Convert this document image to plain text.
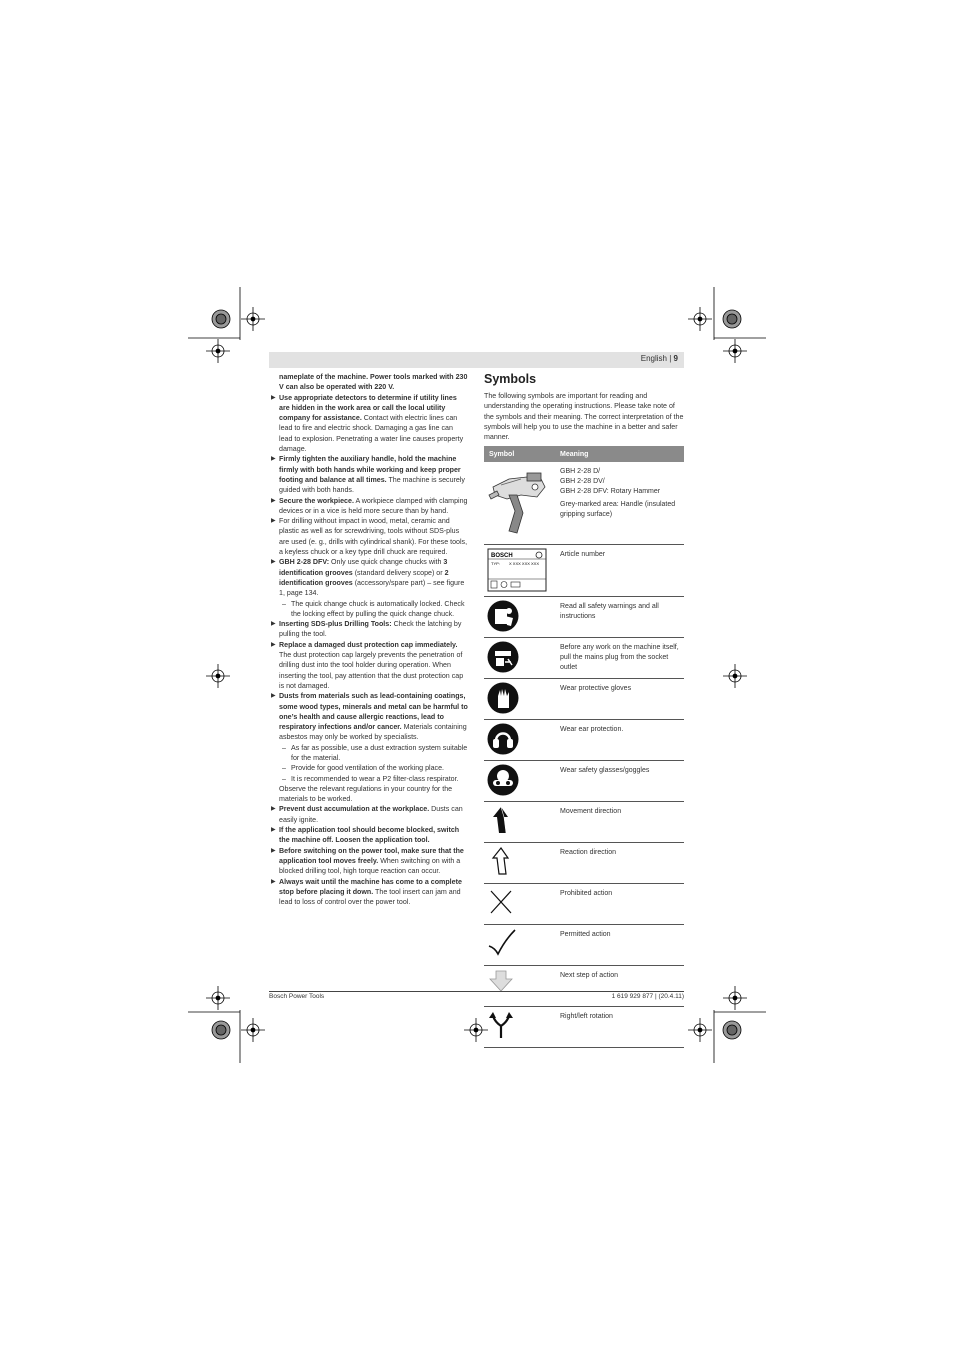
English | 9

nameplate of the machine. Power tools marked with 230 V can also be operated with 220 V.

▶ Use appropriate detectors to determine if utility lines are hidden in the work area or call the local utility company for assistance. Contact with electric lines can lead to fire and electric shock. Damaging a gas line can lead to explosion. Penetrating a water line causes property damage.

▶ Firmly tighten the auxiliary handle, hold the machine firmly with both hands while working and keep proper footing and balance at all times. The machine is securely guided with both hands.

▶ Secure the workpiece. A workpiece clamped with clamping devices or in a vice is held more secure than by hand.

▶ For drilling without impact in wood, metal, ceramic and plastic as well as for screwdriving, tools without SDS-plus are used (e. g., drills with cylindrical shank). For these tools, a keyless chuck or a key type drill chuck are required.

▶ GBH 2-28 DFV: Only use quick change chucks with 3 identification grooves (standard delivery scope) or 2 identification grooves (accessory/spare part) – see figure 1, page 134.

– The quick change chuck is automatically locked. Check the locking effect by pulling the quick change chuck.

▶ Inserting SDS-plus Drilling Tools: Check the latching by pulling the tool.

▶ Replace a damaged dust protection cap immediately. The dust protection cap largely prevents the penetration of drilling dust into the tool holder during operation. When inserting the tool, pay attention that the dust protection cap is not damaged.

▶ Dusts from materials such as lead-containing coatings, some wood types, minerals and metal can be harmful to one’s health and cause allergic reactions, lead to respiratory infections and/or cancer. Materials containing asbestos may only be worked by specialists.

– As far as possible, use a dust extraction system suitable for the material.

– Provide for good ventilation of the working place.

– It is recommended to wear a P2 filter-class respirator.

Observe the relevant regulations in your country for the materials to be worked.

▶ Prevent dust accumulation at the workplace. Dusts can easily ignite.

▶ If the application tool should become blocked, switch the machine off. Loosen the application tool.

▶ Before switching on the power tool, make sure that the application tool moves freely. When switching on with a blocked drilling tool, high torque reaction can occur.

▶ Always wait until the machine has come to a complete stop before placing it down. The tool insert can jam and lead to loss of control over the power tool.

Symbols

The following symbols are important for reading and understanding the operating instructions. Please take note of the symbols and their meaning. The correct interpretation of the symbols will help you to use the machine in a better and safer manner.

Symbol	Meaning

GBH 2-28 D/
GBH 2-28 DV/
GBH 2-28 DFV: Rotary Hammer
Grey-marked area: Handle (insulated gripping surface)

BOSCH
TYP: X XXX XXX XXX	Article number

Read all safety warnings and all instructions

Before any work on the machine itself, pull the mains plug from the socket outlet

Wear protective gloves

Wear ear protection.

Wear safety glasses/goggles

Movement direction

Reaction direction

Prohibited action

Permitted action

Next step of action

Right/left rotation
Bosch Power Tools	1 619 929 877 | (20.4.11)
